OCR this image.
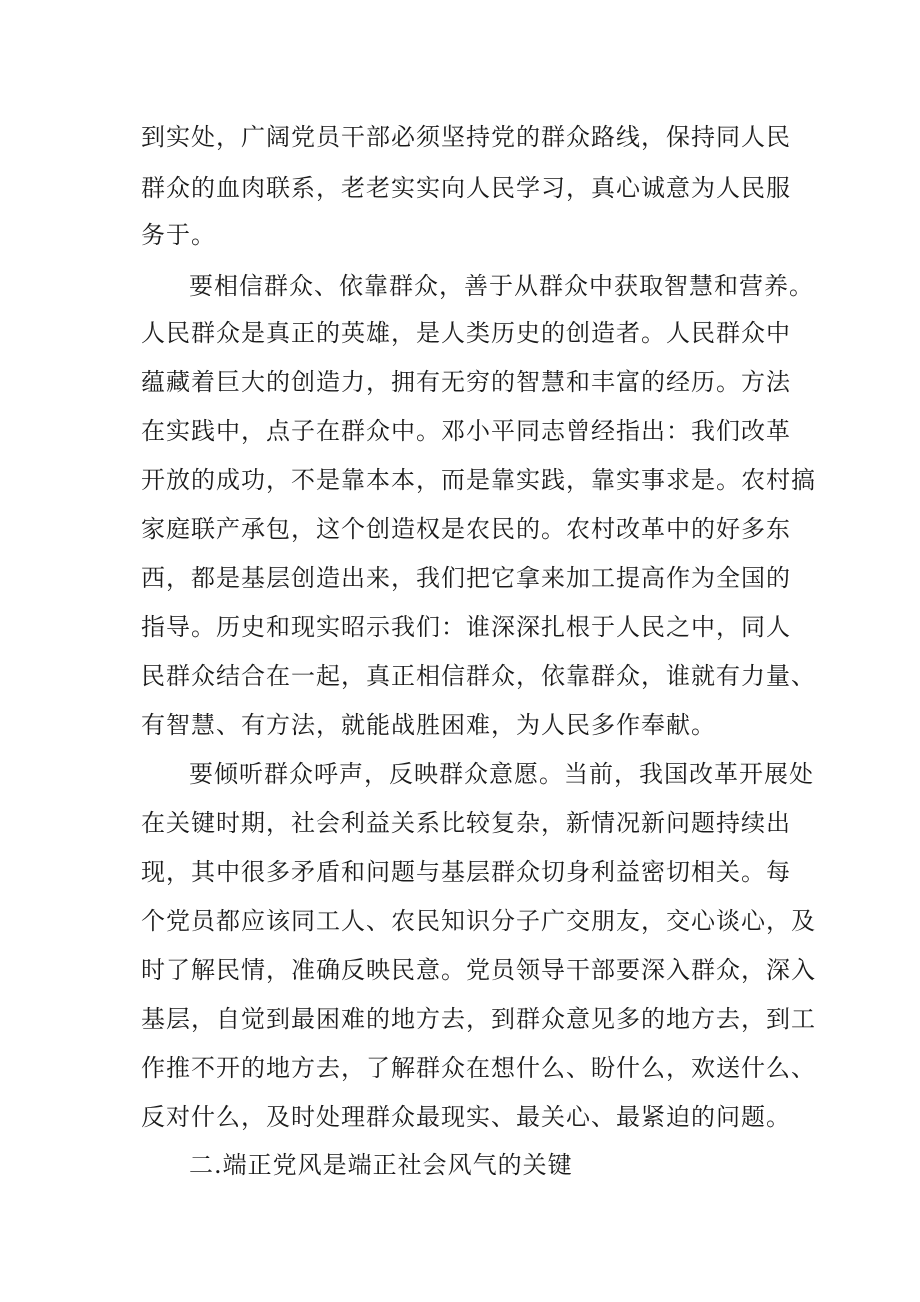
到实处，广阔党员干部必须坚持党的群众路线，保持同人民
群众的血肉联系，老老实实向人民学习，真心诚意为人民服
务于。
要相信群众、依靠群众，善于从群众中获取智慧和营养。
人民群众是真正的英雄，是人类历史的创造者。人民群众中
蕴藏着巨大的创造力，拥有无穷的智慧和丰富的经历。方法
在实践中，点子在群众中。邓小平同志曾经指出：我们改革
开放的成功，不是靠本本，而是靠实践，靠实事求是。农村搞
家庭联产承包，这个创造权是农民的。农村改革中的好多东
西，都是基层创造出来，我们把它拿来加工提高作为全国的
指导。历史和现实昭示我们：谁深深扎根于人民之中，同人
民群众结合在一起，真正相信群众，依靠群众，谁就有力量、
有智慧、有方法，就能战胜困难，为人民多作奉献。
要倾听群众呼声，反映群众意愿。当前，我国改革开展处
在关键时期，社会利益关系比较复杂，新情况新问题持续出
现，其中很多矛盾和问题与基层群众切身利益密切相关。每
个党员都应该同工人、农民知识分子广交朋友，交心谈心，及
时了解民情，准确反映民意。党员领导干部要深入群众，深入
基层，自觉到最困难的地方去，到群众意见多的地方去，到工
作推不开的地方去，了解群众在想什么、盼什么，欢送什么、
反对什么，及时处理群众最现实、最关心、最紧迫的问题。
二.端正党风是端正社会风气的关键
